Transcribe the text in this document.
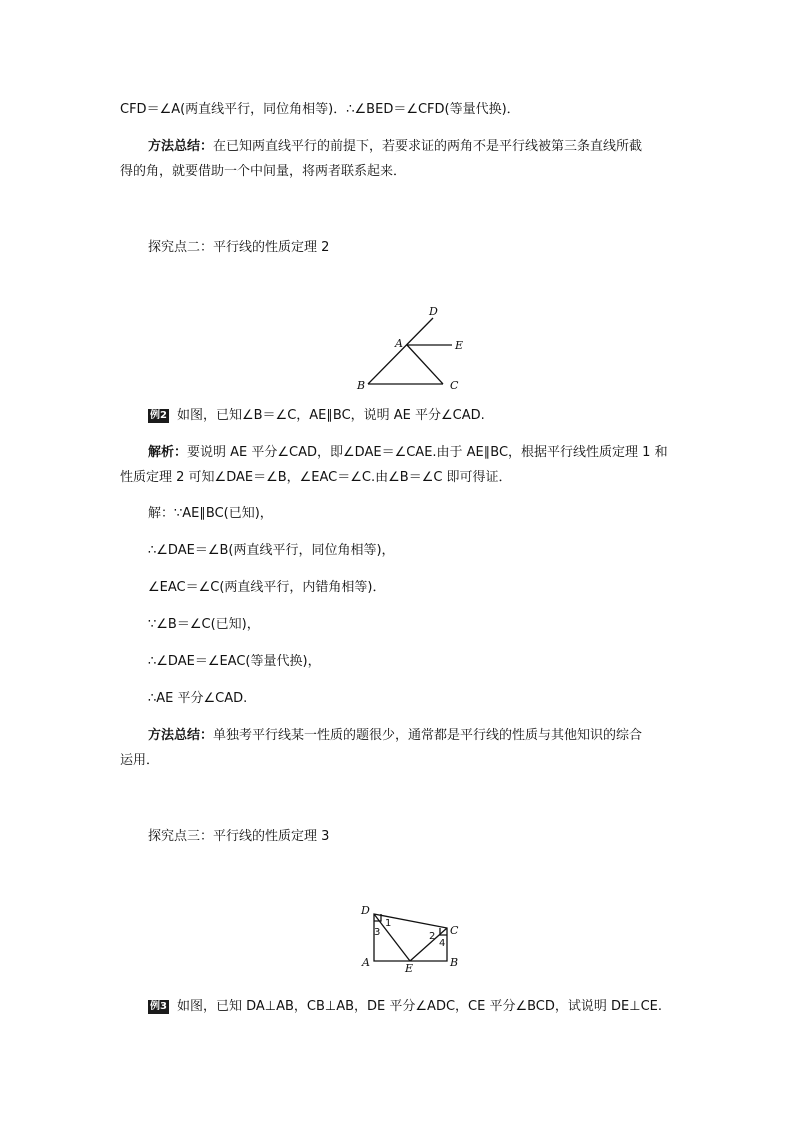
CFD＝∠A(两直线平行，同位角相等)．∴∠BED＝∠CFD(等量代换)．
方法总结：在已知两直线平行的前提下，若要求证的两角不是平行线被第三条直线所截
得的角，就要借助一个中间量，将两者联系起来．
探究点二：平行线的性质定理 2
D
A	E
B	C
例2 如图，已知∠B＝∠C，AE∥BC，说明 AE 平分∠CAD.
解析：要说明 AE 平分∠CAD，即∠DAE＝∠CAE.由于 AE∥BC，根据平行线性质定理 1 和
性质定理 2 可知∠DAE＝∠B，∠EAC＝∠C.由∠B＝∠C 即可得证．
解：∵AE∥BC(已知)，
∴∠DAE＝∠B(两直线平行，同位角相等)，
∠EAC＝∠C(两直线平行，内错角相等)．
∵∠B＝∠C(已知)，
∴∠DAE＝∠EAC(等量代换)，
∴AE 平分∠CAD.
方法总结：单独考平行线某一性质的题很少，通常都是平行线的性质与其他知识的综合
运用．
探究点三：平行线的性质定理 3
D
C
A	E	B
1
3	2
4
例3 如图，已知 DA⊥AB，CB⊥AB，DE 平分∠ADC，CE 平分∠BCD，试说明 DE⊥CE.
